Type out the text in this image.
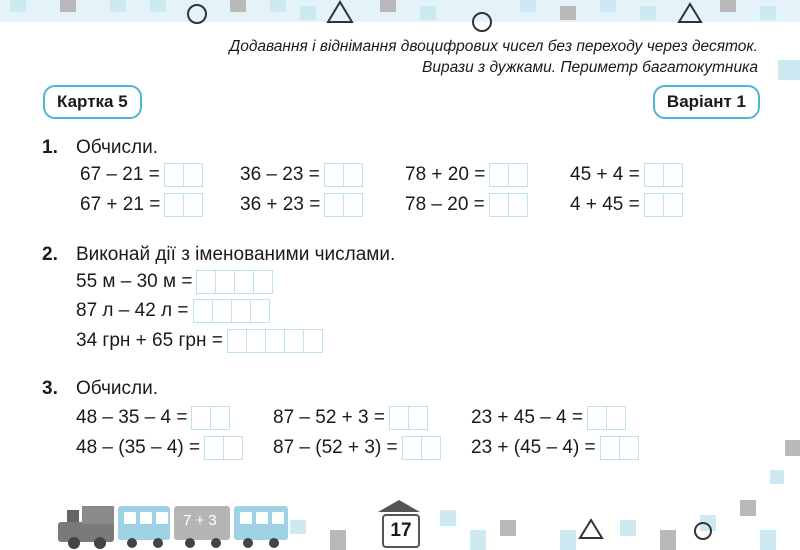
Додавання і віднімання двоцифрових чисел без переходу через десяток.
Вирази з дужками. Периметр багатокутника
Картка 5	Варіант 1
1. Обчисли.
67 – 21 =	36 – 23 =	78 + 20 =	45 + 4 =
67 + 21 =	36 + 23 =	78 – 20 =	4 + 45 =
2. Виконай дії з іменованими числами.
55 м – 30 м =
87 л – 42 л =
34 грн + 65 грн =
3. Обчисли.
48 – 35 – 4 =	87 – 52 + 3 =	23 + 45 – 4 =
48 – (35 – 4) =	87 – (52 + 3) =	23 + (45 – 4) =
7 + 3	17
